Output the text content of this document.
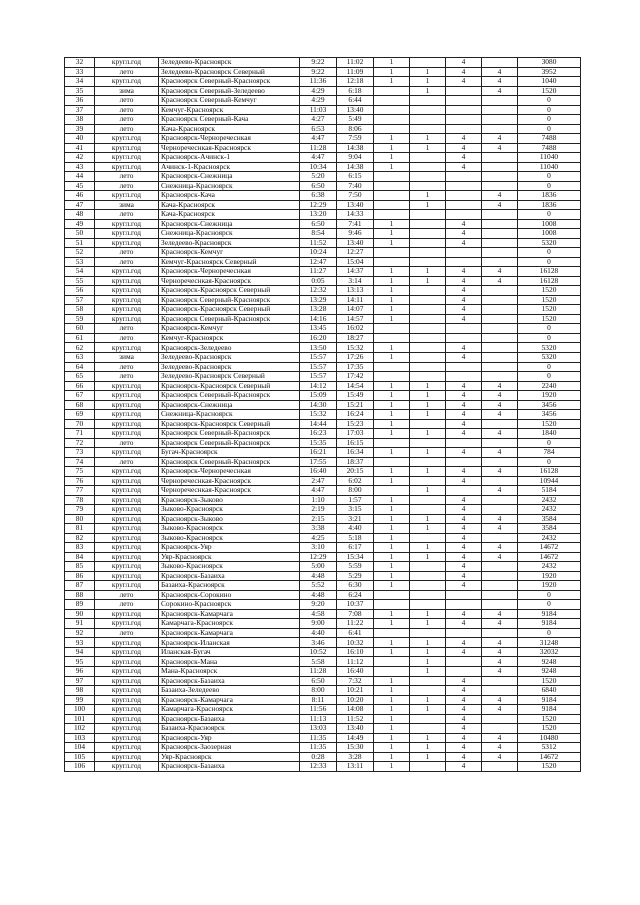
32	кругл.год	Зеледеево-Красноярск	9:22	11:02	1		4		3080
33	лето	Зеледеево-Красноярск Северный	9:22	11:09	1	1	4	4	3952
34	кругл.год	Красноярск Северный-Красноярск	11:36	12:18	1	1	4	4	1040
35	зима	Красноярск Северный-Зеледеево	4:29	6:18		1		4	1520
36	лето	Красноярск Северный-Кемчуг	4:29	6:44					0
37	лето	Кемчуг-Красноярск	11:03	13:40					0
38	лето	Красноярск Северный-Кача	4:27	5:49					0
39	лето	Кача-Красноярск	6:53	8:06					0
40	кругл.год	Красноярск-Черноречеснкая	4:47	7:59	1	1	4	4	7488
41	кругл.год	Черноречеснкая-Красноярск	11:28	14:38	1	1	4	4	7488
42	кругл.год	Красноярск-Ачинск-1	4:47	9:04	1		4		11040
43	кругл.год	Ачинск-1-Красноярск	10:34	14:38	1		4		11040
44	лето	Красноярск-Снежница	5:20	6:15					0
45	лето	Снежница-Красноярск	6:50	7:40					0
46	кругл.год	Красноярск-Кача	6:38	7:50		1		4	1836
47	зима	Кача-Красноярск	12:29	13:40		1		4	1836
48	лето	Кача-Красноярск	13:20	14:33					0
49	кругл.год	Красноярск-Снежница	6:50	7:41	1		4		1008
50	кругл.год	Снежница-Красноярск	8:54	9:46	1		4		1008
51	кругл.год	Зеледеево-Красноярск	11:52	13:40	1		4		5320
52	лето	Красноярск-Кемчуг	10:24	12:27					0
53	лето	Кемчуг-Красноярск Северный	12:47	15:04					0
54	кругл.год	Красноярск-Черноречеснкая	11:27	14:37	1	1	4	4	16128
55	кругл.год	Черноречеснкая-Красноярск	0:05	3:14	1	1	4	4	16128
56	кругл.год	Красноярск-Красноярск Северный	12:32	13:13	1		4		1520
57	кругл.год	Красноярск Северный-Красноярск	13:29	14:11	1		4		1520
58	кругл.год	Красноярск-Красноярск Северный	13:28	14:07	1		4		1520
59	кругл.год	Красноярск Северный-Красноярск	14:16	14:57	1		4		1520
60	лето	Красноярск-Кемчуг	13:45	16:02					0
61	лето	Кемчуг-Красноярск	16:20	18:27					0
62	кругл.год	Красноярск-Зеледеево	13:50	15:32	1		4		5320
63	зима	Зеледеево-Красноярск	15:57	17:26	1		4		5320
64	лето	Зеледеево-Красноярск	15:57	17:35					0
65	лето	Зеледеево-Красноярск Северный	15:57	17:42					0
66	кругл.год	Красноярск-Красноярск Северный	14:12	14:54	1	1	4	4	2240
67	кругл.год	Красноярск Северный-Красноярск	15:09	15:49	1	1	4	4	1920
68	кругл.год	Красноярск-Снежница	14:30	15:21	1	1	4	4	3456
69	кругл.год	Снежница-Красноярск	15:32	16:24	1	1	4	4	3456
70	кругл.год	Красноярск-Красноярск Северный	14:44	15:23	1		4		1520
71	кругл.год	Красноярск Северный-Красноярск	16:23	17:03	1	1	4	4	1840
72	лето	Красноярск Северный-Красноярск	15:35	16:15					0
73	кругл.год	Бугач-Красноярск	16:21	16:34	1	1	4	4	784
74	лето	Красноярск Северный-Красноярск	17:55	18:37					0
75	кругл.год	Красноярск-Черноречеснкая	16:40	20:15	1	1	4	4	16128
76	кругл.год	Черноречеснкая-Красноярск	2:47	6:02	1		4		10944
77	кругл.год	Черноречеснкая-Красноярск	4:47	8:00		1		4	5184
78	кругл.год	Красноярск-Зыково	1:10	1:57	1		4		2432
79	кругл.год	Зыково-Красноярск	2:19	3:15	1		4		2432
80	кругл.год	Красноярск-Зыково	2:15	3:21	1	1	4	4	3584
81	кругл.год	Зыково-Красноярск	3:38	4:40	1	1	4	4	3584
82	кругл.год	Зыково-Красноярск	4:25	5:18	1		4		2432
83	кругл.год	Красноярск-Уяр	3:10	6:17	1	1	4	4	14672
84	кругл.год	Уяр-Красноярск	12:29	15:34	1	1	4	4	14672
85	кругл.год	Зыково-Красноярск	5:00	5:59	1		4		2432
86	кругл.год	Красноярск-Базаиха	4:48	5:29	1		4		1920
87	кругл.год	Базаиха-Красноярск	5:52	6:30	1		4		1920
88	лето	Красноярск-Сорокино	4:48	6:24					0
89	лето	Сорокино-Красноярск	9:20	10:37					0
90	кругл.год	Красноярск-Камарчага	4:58	7:08	1	1	4	4	9184
91	кругл.год	Камарчага-Красноярск	9:00	11:22	1	1	4	4	9184
92	лето	Красноярск-Камарчага	4:40	6:41					0
93	кругл.год	Красноярск-Иланская	3:46	10:32	1	1	4	4	31248
94	кругл.год	Иланская-Бугач	10:52	16:10	1	1	4	4	32032
95	кругл.год	Красноярск-Мана	5:58	11:12		1		4	9248
96	кругл.год	Мана-Красноярск	11:28	16:40		1		4	9248
97	кругл.год	Красноярск-Базаиха	6:50	7:32	1		4		1520
98	кругл.год	Базаиха-Зеледеево	8:00	10:21	1		4		6840
99	кругл.год	Красноярск-Камарчага	8:11	10:20	1	1	4	4	9184
100	кругл.год	Камарчага-Красноярск	11:56	14:08	1	1	4	4	9184
101	кругл.год	Красноярск-Базаиха	11:13	11:52	1		4		1520
102	кругл.год	Базаиха-Красноярск	13:03	13:40	1		4		1520
103	кругл.год	Красноярск-Уяр	11:35	14:49	1	1	4	4	10480
104	кругл.год	Красноярск-Заозерная	11:35	15:30	1	1	4	4	5312
105	кругл.год	Уяр-Красноярск	0:28	3:28	1	1	4	4	14672
106	кругл.год	Красноярск-Базаиха	12:33	13:11	1		4		1520
